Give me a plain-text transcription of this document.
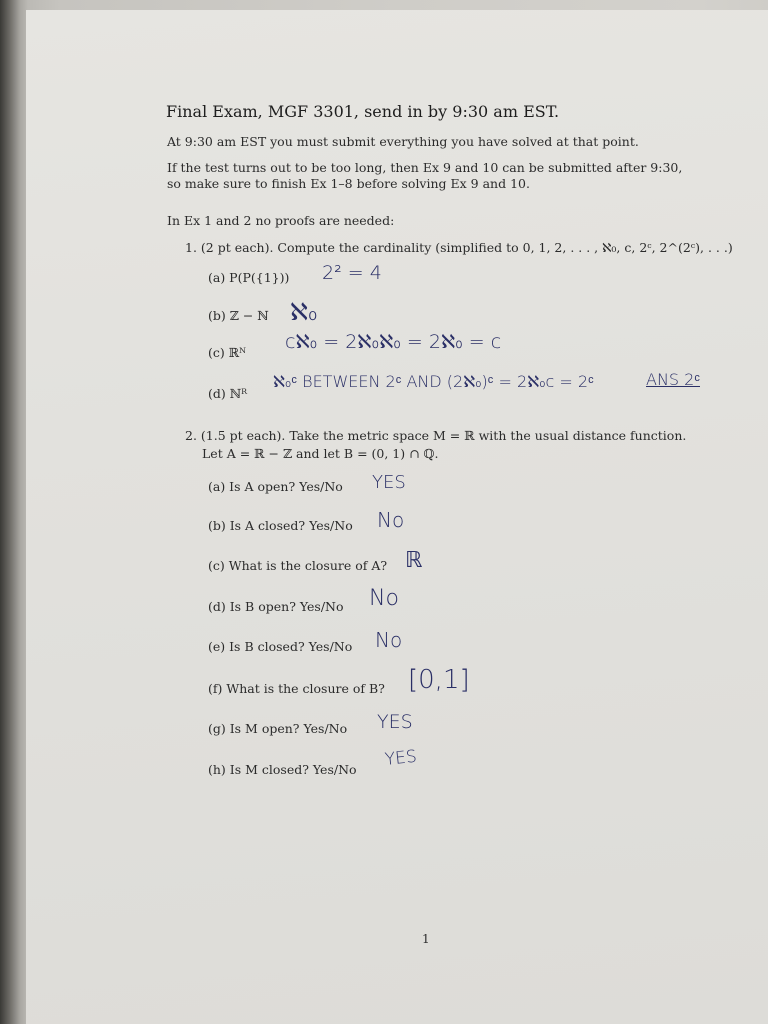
Final Exam, MGF 3301, send in by 9:30 am EST.
At 9:30 am EST you must submit everything you have solved at that point.
If the test turns out to be too long, then Ex 9 and 10 can be submitted after 9:30,
so make sure to finish Ex 1–8 before solving Ex 9 and 10.
In Ex 1 and 2 no proofs are needed:
1. (2 pt each). Compute the cardinality (simplified to 0, 1, 2, . . . , ℵ₀, c, 2ᶜ, 2^(2ᶜ), . . .)
(a) P(P({1})) 2² = 4
(b) ℤ − ℕ ℵ₀
(c) ℝᴺ cℵ₀ = 2ℵ₀ℵ₀ = 2ℵ₀ = c
(d) ℕᴿ
ℵ₀ᶜ BETWEEN 2ᶜ AND (2ℵ₀)ᶜ = 2ℵ₀c = 2ᶜ	ANS 2ᶜ
2. (1.5 pt each). Take the metric space M = ℝ with the usual distance function.
Let A = ℝ − ℤ and let B = (0, 1) ∩ ℚ.
(a) Is A open? Yes/No YES
(b) Is A closed? Yes/No No
(c) What is the closure of A? ℝ
(d) Is B open? Yes/No No
(e) Is B closed? Yes/No No
(f) What is the closure of B? [0,1]
(g) Is M open? Yes/No YES
(h) Is M closed? Yes/No YES
1
